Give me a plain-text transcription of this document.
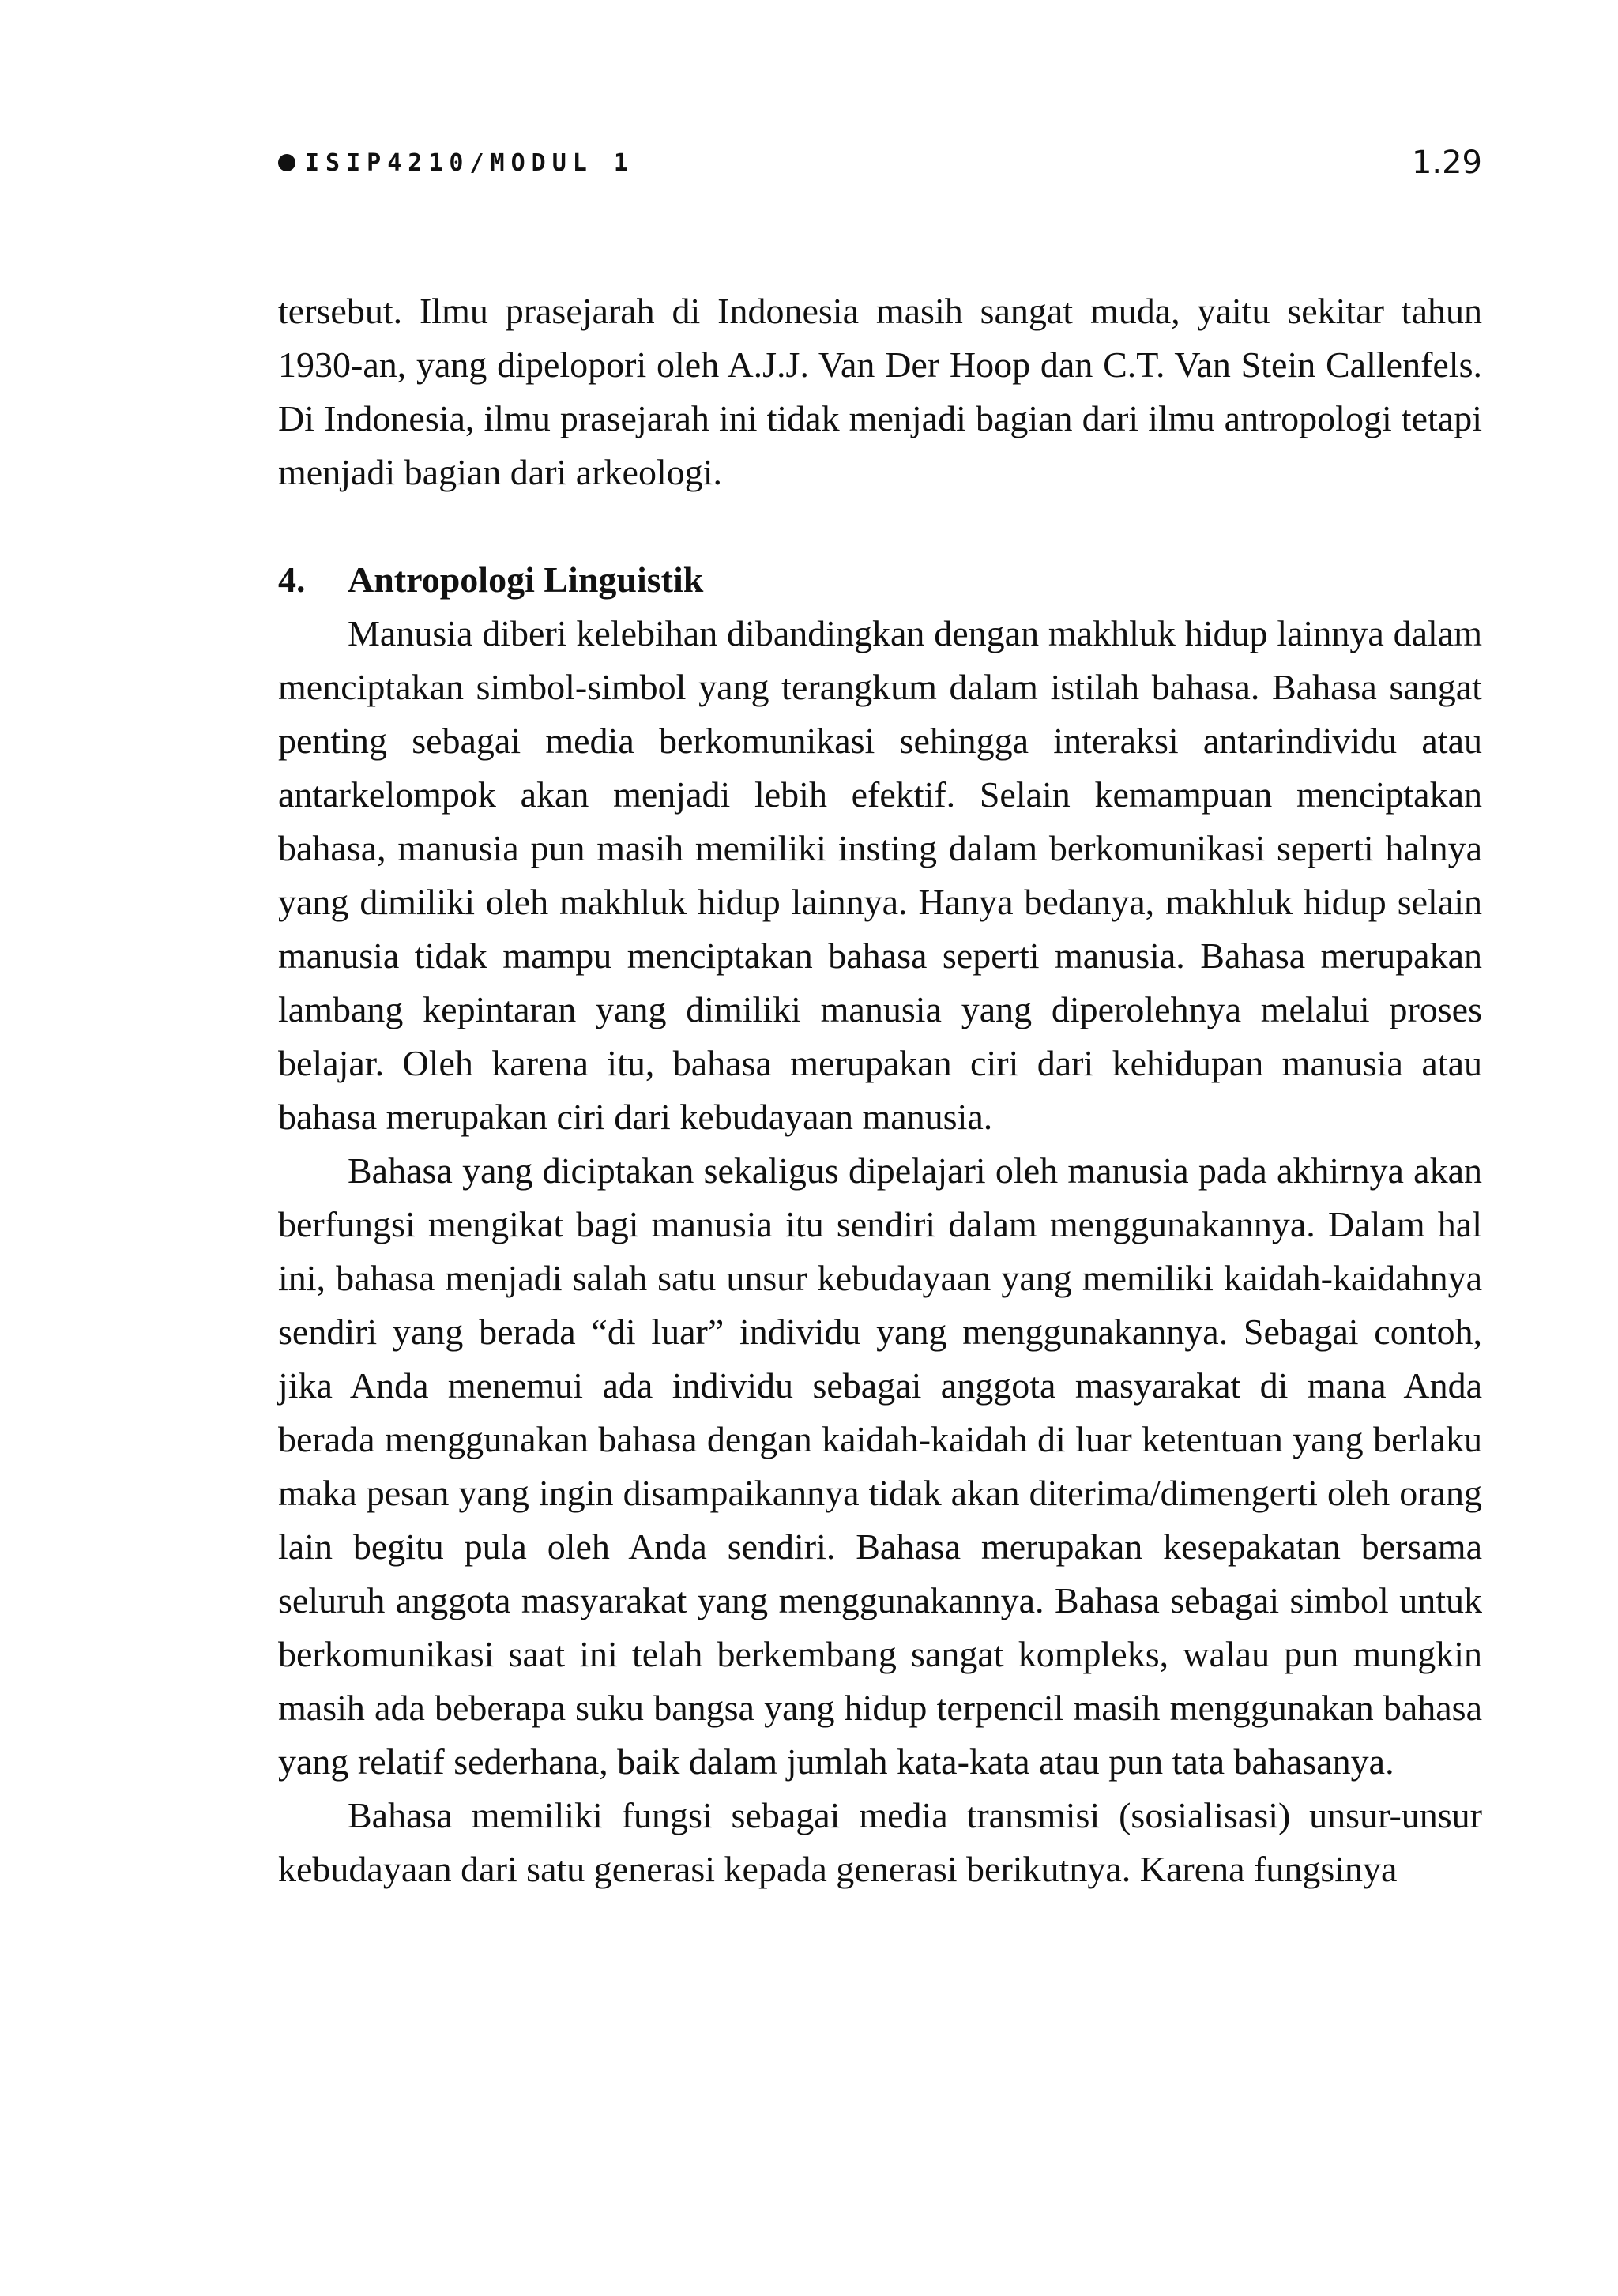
ISIP4210/MODUL 1	1.29

tersebut. Ilmu prasejarah di Indonesia masih sangat muda, yaitu sekitar tahun 1930-an, yang dipelopori oleh A.J.J. Van Der Hoop dan C.T. Van Stein Callenfels. Di Indonesia, ilmu prasejarah ini tidak menjadi bagian dari ilmu antropologi tetapi menjadi bagian dari arkeologi.

4.	Antropologi Linguistik

Manusia diberi kelebihan dibandingkan dengan makhluk hidup lainnya dalam menciptakan simbol-simbol yang terangkum dalam istilah bahasa. Bahasa sangat penting sebagai media berkomunikasi sehingga interaksi antarindividu atau antarkelompok akan menjadi lebih efektif. Selain kemampuan menciptakan bahasa, manusia pun masih memiliki insting dalam berkomunikasi seperti halnya yang dimiliki oleh makhluk hidup lainnya. Hanya bedanya, makhluk hidup selain manusia tidak mampu menciptakan bahasa seperti manusia. Bahasa merupakan lambang kepintaran yang dimiliki manusia yang diperolehnya melalui proses belajar. Oleh karena itu, bahasa merupakan ciri dari kehidupan manusia atau bahasa merupakan ciri dari kebudayaan manusia.

Bahasa yang diciptakan sekaligus dipelajari oleh manusia pada akhirnya akan berfungsi mengikat bagi manusia itu sendiri dalam menggunakannya. Dalam hal ini, bahasa menjadi salah satu unsur kebudayaan yang memiliki kaidah-kaidahnya sendiri yang berada “di luar” individu yang menggunakannya. Sebagai contoh, jika Anda menemui ada individu sebagai anggota masyarakat di mana Anda berada menggunakan bahasa dengan kaidah-kaidah di luar ketentuan yang berlaku maka pesan yang ingin disampaikannya tidak akan diterima/dimengerti oleh orang lain begitu pula oleh Anda sendiri. Bahasa merupakan kesepakatan bersama seluruh anggota masyarakat yang menggunakannya. Bahasa sebagai simbol untuk berkomunikasi saat ini telah berkembang sangat kompleks, walau pun mungkin masih ada beberapa suku bangsa yang hidup terpencil masih menggunakan bahasa yang relatif sederhana, baik dalam jumlah kata-kata atau pun tata bahasanya.

Bahasa memiliki fungsi sebagai media transmisi (sosialisasi) unsur-unsur kebudayaan dari satu generasi kepada generasi berikutnya. Karena fungsinya
